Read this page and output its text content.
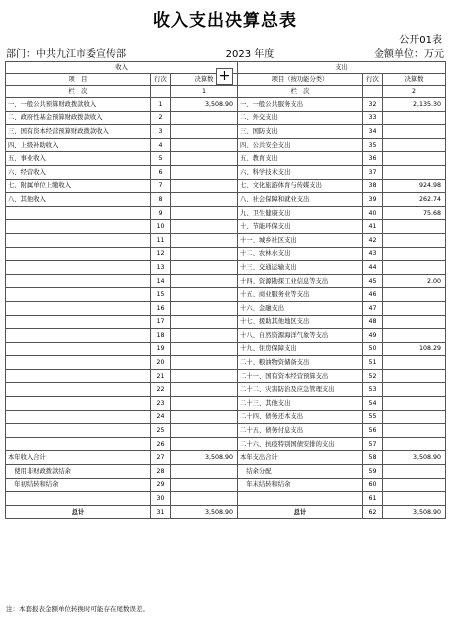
收入支出决算总表
公开01表
部门：中共九江市委宣传部	2023 年度	金额单位：万元
收入			支出		
项　目	行次	决算数	项目（按功能分类）	行次	决算数
栏　次		1	栏　次		2
一、一般公共预算财政拨款收入	1	3,508.90	一、一般公共服务支出	32	2,135.30
二、政府性基金预算财政拨款收入	2		二、外交支出	33	
三、国有资本经营预算财政拨款收入	3		三、国防支出	34	
四、上级补助收入	4		四、公共安全支出	35	
五、事业收入	5		五、教育支出	36	
六、经营收入	6		六、科学技术支出	37	
七、附属单位上缴收入	7		七、文化旅游体育与传媒支出	38	924.98
八、其他收入	8		八、社会保障和就业支出	39	262.74
	9		九、卫生健康支出	40	75.68
	10		十、节能环保支出	41	
	11		十一、城乡社区支出	42	
	12		十二、农林水支出	43	
	13		十三、交通运输支出	44	
	14		十四、资源勘探工业信息等支出	45	2.00
	15		十五、商业服务业等支出	46	
	16		十六、金融支出	47	
	17		十七、援助其他地区支出	48	
	18		十八、自然资源海洋气象等支出	49	
	19		十九、住房保障支出	50	108.29
	20		二十、粮油物资储备支出	51	
	21		二十一、国有资本经营预算支出	52	
	22		二十二、灾害防治及应急管理支出	53	
	23		二十三、其他支出	54	
	24		二十四、债务还本支出	55	
	25		二十五、债务付息支出	56	
	26		二十六、抗疫特别国债安排的支出	57	
本年收入合计	27	3,508.90	本年支出合计	58	3,508.90
　使用非财政拨款结余	28		　结余分配	59	
　年初结转和结余	29		　年末结转和结余	60	
	30			61	
总计	31	3,508.90	总计	62	3,508.90
+
注：本套报表金额单位转换时可能存在尾数误差。
